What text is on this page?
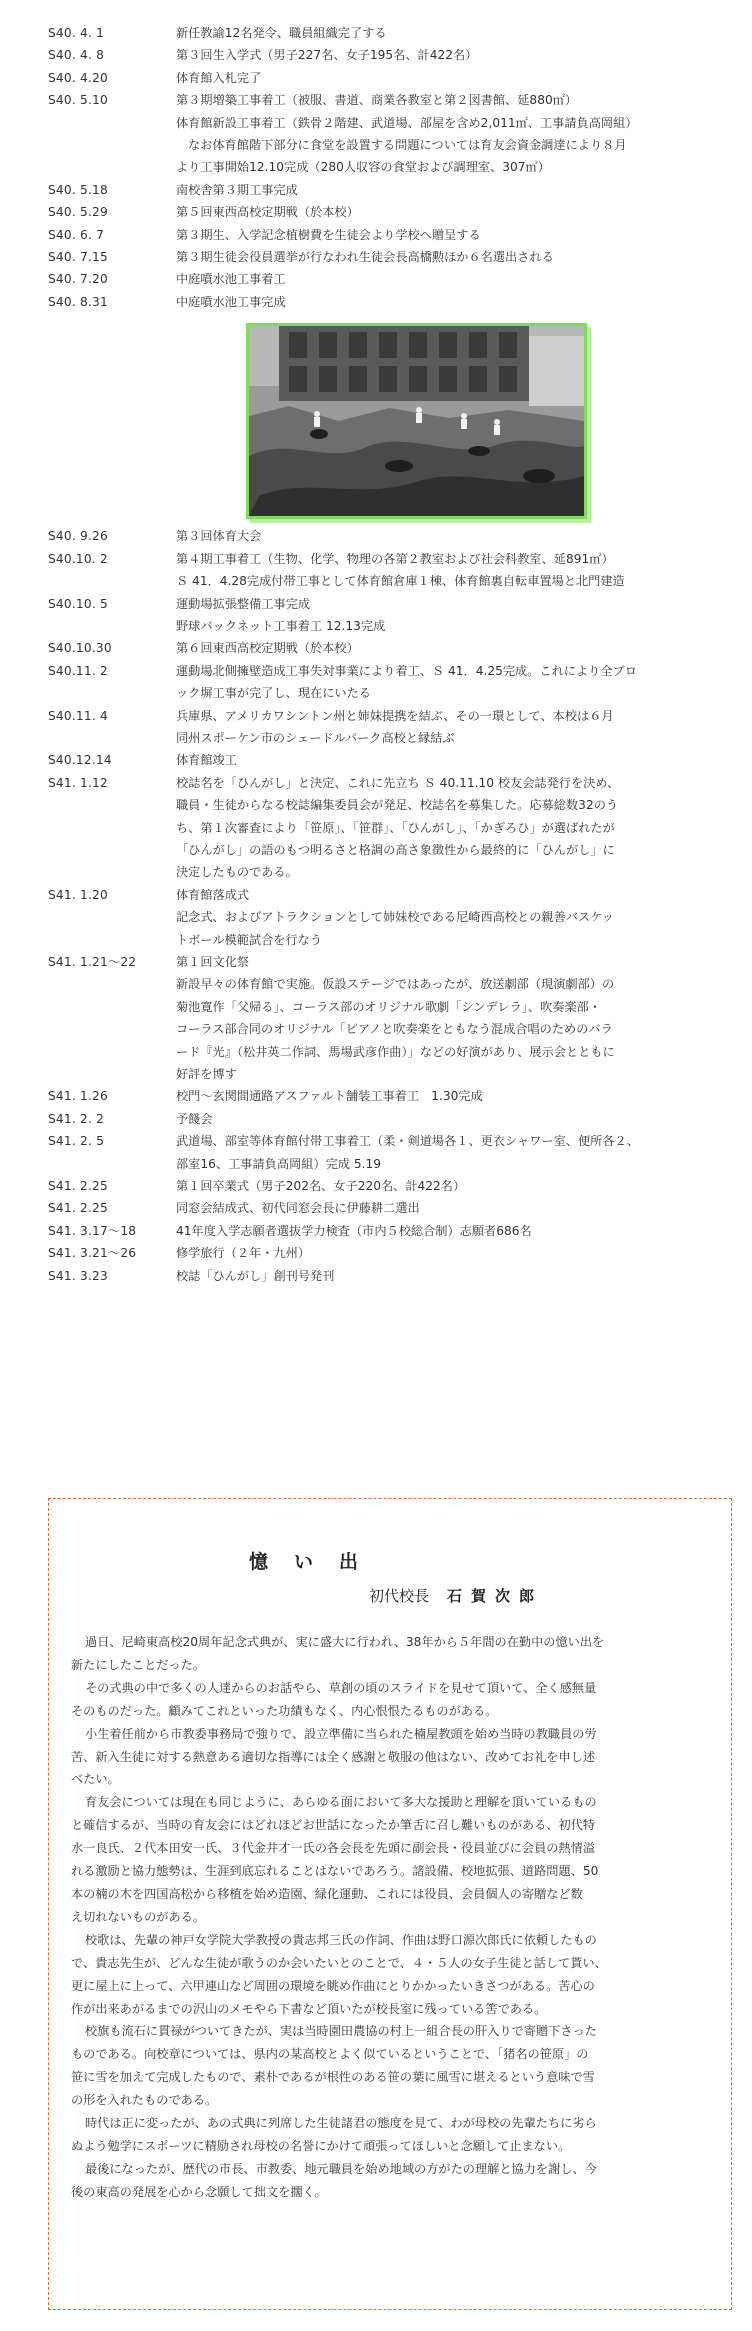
S40. 4. 1	新任教諭12名発令、職員組織完了する
S40. 4. 8	第３回生入学式（男子227名、女子195名、計422名）
S40. 4.20	体育館入札完了
S40. 5.10	第３期増築工事着工（被服、書道、商業各教室と第２図書館、延880㎡）
体育館新設工事着工（鉄骨２階建、武道場、部屋を含め2,011㎡、工事請負高岡組）
なお体育館階下部分に食堂を設置する問題については育友会資金調達により８月
より工事開始12.10完成（280人収容の食堂および調理室、307㎡）
S40. 5.18	南校舎第３期工事完成
S40. 5.29	第５回東西高校定期戦（於本校）
S40. 6. 7	第３期生、入学記念植樹費を生徒会より学校へ贈呈する
S40. 7.15	第３期生徒会役員選挙が行なわれ生徒会長高橋勲ほか６名選出される
S40. 7.20	中庭噴水池工事着工
S40. 8.31	中庭噴水池工事完成
S40. 9.26	第３回体育大会
S40.10. 2	第４期工事着工（生物、化学、物理の各第２教室および社会科教室、延891㎡）
Ｓ 41．4.28完成付帯工事として体育館倉庫１棟、体育館裏自転車置場と北門建造
S40.10. 5	運動場拡張整備工事完成
野球バックネット工事着工 12.13完成
S40.10.30	第６回東西高校定期戦（於本校）
S40.11. 2	運動場北側擁壁造成工事失対事業により着工、Ｓ 41．4.25完成。これにより全ブロ
ック塀工事が完了し、現在にいたる
S40.11. 4	兵庫県、アメリカワシントン州と姉妹提携を結ぶ、その一環として、本校は６月
同州スポーケン市のシェードルパーク高校と縁結ぶ
S40.12.14	体育館竣工
S41. 1.12	校誌名を「ひんがし」と決定、これに先立ち Ｓ 40.11.10 校友会誌発行を決め、
職員・生徒からなる校誌編集委員会が発足、校誌名を募集した。応募総数32のう
ち、第１次審査により「笹原」、「笹群」、「ひんがし」、「かぎろひ」が選ばれたが
「ひんがし」の語のもつ明るさと格調の高さ象徴性から最終的に「ひんがし」に
決定したものである。
S41. 1.20	体育館落成式
記念式、およびアトラクションとして姉妹校である尼崎西高校との親善バスケッ
トボール模範試合を行なう
S41. 1.21〜22	第１回文化祭
新設早々の体育館で実施。仮設ステージではあったが、放送劇部（現演劇部）の
菊池寛作「父帰る」、コーラス部のオリジナル歌劇「シンデレラ」、吹奏楽部・
コーラス部合同のオリジナル「ピアノと吹奏楽をともなう混成合唱のためのバラ
ード『光』（松井英二作詞、馬場武彦作曲）」などの好演があり、展示会とともに
好評を博す
S41. 1.26	校門〜玄関間通路アスファルト舗装工事着工　1.30完成
S41. 2. 2	予餞会
S41. 2. 5	武道場、部室等体育館付帯工事着工（柔・剣道場各１、更衣シャワー室、便所各２、
部室16、工事請負高岡組）完成 5.19
S41. 2.25	第１回卒業式（男子202名、女子220名、計422名）
S41. 2.25	同窓会結成式、初代同窓会長に伊藤耕二選出
S41. 3.17〜18	41年度入学志願者選抜学力検査（市内５校総合制）志願者686名
S41. 3.21〜26	修学旅行（２年・九州）
S41. 3.23	校誌「ひんがし」創刊号発刊
憶い出
初代校長 石賀次郎
過日、尼崎東高校20周年記念式典が、実に盛大に行われ、38年から５年間の在勤中の憶い出を
新たにしたことだった。
その式典の中で多くの人達からのお話やら、草創の頃のスライドを見せて頂いて、全く感無量
そのものだった。顧みてこれといった功績もなく、内心恨恨たるものがある。
小生着任前から市教委事務局で強りで、設立準備に当られた楠屋教頭を始め当時の教職員の労
苦、新入生徒に対する熱意ある適切な指導には全く感謝と敬服の他はない、改めてお礼を申し述
べたい。
育友会については現在も同じように、あらゆる面において多大な援助と理解を頂いているもの
と確信するが、当時の育友会にはどれほどお世話になったか筆舌に召し難いものがある、初代特
水一良氏、２代本田安一氏、３代金井才一氏の各会長を先頭に副会長・役員並びに会員の熱情溢
れる激励と協力態勢は、生涯到底忘れることはないであろう。諸設備、校地拡張、道路問題、50
本の楠の木を四国高松から移植を始め造園、緑化運動、これには役員、会員個人の寄贈など数
え切れないものがある。
校歌は、先輩の神戸女学院大学教授の貴志邦三氏の作詞、作曲は野口源次郎氏に依頼したもの
で、貴志先生が、どんな生徒が歌うのか会いたいとのことで、４・５人の女子生徒と話して貰い、
更に屋上に上って、六甲連山など周囲の環境を眺め作曲にとりかかったいきさつがある。苦心の
作が出来あがるまでの沢山のメモやら下書など頂いたが校長室に残っている筈である。
校旗も流石に貫禄がついてきたが、実は当時園田農協の村上一組合長の肝入りで寄贈下さった
ものである。向校章については、県内の某高校とよく似ているということで、「猪名の笹原」の
笹に雪を加えて完成したもので、素朴であるが根性のある笹の葉に風雪に堪えるという意味で雪
の形を入れたものである。
時代は正に変ったが、あの式典に列席した生徒諸君の態度を見て、わが母校の先輩たちに劣ら
ぬよう勉学にスポーツに精励され母校の名誉にかけて頑張ってほしいと念願して止まない。
最後になったが、歴代の市長、市教委、地元職員を始め地域の方がたの理解と協力を謝し、今
後の東高の発展を心から念願して拙文を擱く。
